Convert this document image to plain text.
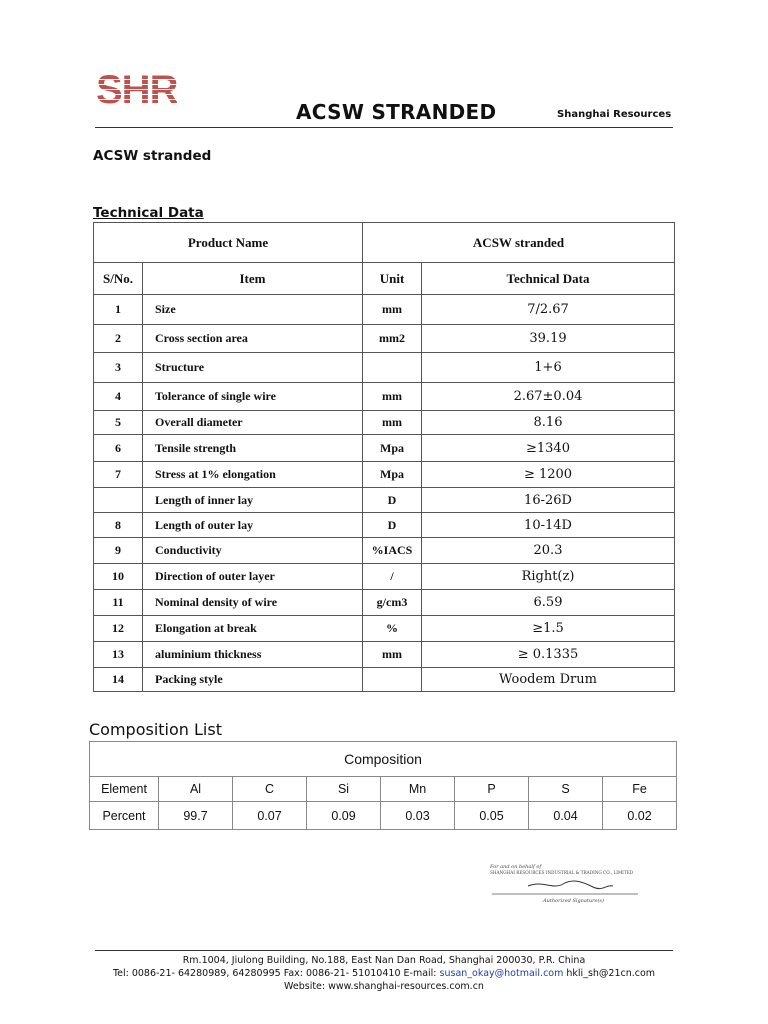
SHR	ACSW STRANDED	Shanghai Resources
ACSW stranded
Technical Data
Product Name		ACSW stranded	
S/No.	Item	Unit	Technical Data
1	Size	mm	7/2.67
2	Cross section area	mm2	39.19
3	Structure		1+6
4	Tolerance of single wire	mm	2.67±0.04
5	Overall diameter	mm	8.16
6	Tensile strength	Mpa	≥1340
7	Stress at 1% elongation	Mpa	≥ 1200
	Length of inner lay	D	16-26D
8	Length of outer lay	D	10-14D
9	Conductivity	%IACS	20.3
10	Direction of outer layer	/	Right(z)
11	Nominal density of wire	g/cm3	6.59
12	Elongation at break	%	≥1.5
13	aluminium thickness	mm	≥ 0.1335
14	Packing style		Woodem Drum
Composition List
Composition							
Element	Al	C	Si	Mn	P	S	Fe
Percent	99.7	0.07	0.09	0.03	0.05	0.04	0.02
For and on behalf of
SHANGHAI RESOURCES INDUSTRIAL & TRADING CO., LIMITED
Authorized Signature(s)
Rm.1004, Jiulong Building, No.188, East Nan Dan Road, Shanghai 200030, P.R. China
Tel: 0086-21- 64280989, 64280995 Fax: 0086-21- 51010410 E-mail: susan_okay@hotmail.com hkli_sh@21cn.com
Website: www.shanghai-resources.com.cn
